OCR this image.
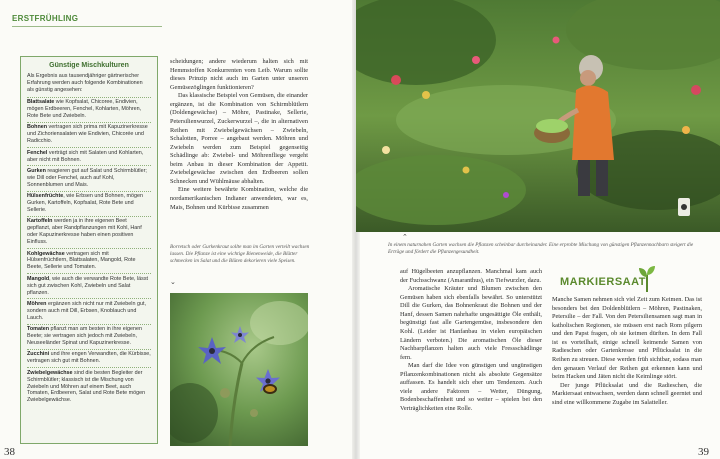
ERSTFRÜHLING
Günstige Mischkulturen

Als Ergebnis aus tausendjähriger gärtnerischer Erfahrung werden auch folgende Kombinationen als günstig angesehen:

Blattsalate wie Kopfsalat, Chicoree, Endivien, mögen Erdbeeren, Fenchel, Kohlarten, Möhren, Rote Bete und Zwiebeln.
Bohnen vertragen sich prima mit Kapuzinerkresse und Zichoriensalaten wie Endivien, Chicorée und Radicchio.
Fenchel verträgt sich mit Salaten und Kohlarten, aber nicht mit Bohnen.
Gurken reagieren gut auf Salat und Schirmblütler; wie Dill oder Fenchel, auch auf Kohl, Sonnenblumen und Mais.
Hülsenfrüchte, wie Erbsen und Bohnen, mögen Gurken, Kartoffeln, Kopfsalat, Rote Bete und Sellerie.
Kartoffeln werden ja in ihre eigenen Beet gepflanzt, aber Randpflanzungen mit Kohl, Hanf oder Kapuzinerkresse haben einen positiven Einfluss.
Kohlgewächse vertragen sich mit Hülsenfrüchtlern, Blattsalaten, Mangold, Rote Beete, Sellerie und Tomaten.
Mangold, wie auch die verwandte Rote Bete, lässt sich gut zwischen Kohl, Zwiebeln und Salat pflanzen.
Möhren ergänzen sich nicht nur mit Zwiebeln gut, sondern auch mit Dill, Erbsen, Knoblauch und Lauch.
Tomaten pflanzt man am besten in ihre eigenen Beete; sie vertragen sich jedoch mit Zwiebeln, Neuseeländer Spinat und Kapuzinerkresse.
Zucchini und ihre engen Verwandten, die Kürbisse, vertragen sich gut mit Bohnen.
Zwiebelgewächse sind die besten Begleiter der Schirmblütler; klassisch ist die Mischung von Zwiebeln und Möhren auf einem Beet, auch Tomaten, Erdbeeren, Salat und Rote Bete mögen Zwiebelgewächse.

scheidungen; andere wiederum halten sich mit Hemmstoffen Konkurrenten vom Leib. Warum sollte dieses Prinzip nicht auch im Garten unter unseren Gemüsezöglingen funktionieren?

Das klassische Beispiel von Gemüsen, die einander ergänzen, ist die Kombination von Schirmblütlern (Doldengewächse) – Möhre, Pastinake, Sellerie, Petersilienwurzel, Zuckerwurzel –, die in alternativen Reihen mit Zwiebelgewächsen – Zwiebeln, Schalotten, Porree – angebaut werden. Möhren und Zwiebeln werden zum Beispiel gegenseitig Schädlinge ab: Zwiebel- und Möhrenfliege vergeht beim Anbau in dieser Kombination der Appetit. Zwiebelgewächse zwischen den Erdbeeren sollen Schnecken und Wühlmäuse abhalten.

Eine weitere bewährte Kombination, welche die nordamerikanischen Indianer anwendeten, war es, Mais, Bohnen und Kürbisse zusammen

Borretsch oder Gurkenkraut sollte man im Garten verteilt wachsen lassen. Die Pflanze ist eine wichtige Bienenweide, die Blätter schmecken im Salat und die Blüten dekorieren viele Speisen.
⌃
⌃
In einem naturnahen Garten wachsen die Pflanzen scheinbar durcheinander. Eine erprobte Mischung von günstigen Pflanzennachbarn steigert die Erträge und fördert die Pflanzengesundheit.

auf Hügelbeeten anzupflanzen. Manchmal kam auch der Fuchsschwanz (Amaranthus), ein Tiefwurzler, dazu.

Aromatische Kräuter und Blumen zwischen den Gemüsen haben sich ebenfalls bewährt. So unterstützt Dill die Gurken, das Bohnenkraut die Bohnen und der Hanf, dessen Samen nahrhafte ungesättigte Öle enthält, begünstigt fast alle Gartengemüse, insbesondere den Kohl. (Leider ist Hanfanbau in vielen europäischen Ländern verboten.) Die aromatischen Öle dieser Nachbarpflanzen halten auch viele Fressschädlinge fern.

Man darf die Idee von günstigen und ungünstigen Pflanzenkombinationen nicht als absolute Gegensätze auffassen. Es handelt sich eher um Tendenzen. Auch viele andere Faktoren – Wetter, Düngung, Bodenbeschaffenheit und so weiter – spielen bei den Verträglichkeiten eine Rolle.

MARKIERSAAT

Manche Samen nehmen sich viel Zeit zum Keimen. Das ist besonders bei den Doldenblütlern – Möhren, Pastinaken, Petersilie – der Fall. Von den Petersiliensamen sagt man in katholischen Regionen, sie müssen erst nach Rom pilgern und den Papst fragen, ob sie keimen dürften. In dem Fall ist es vorteilhaft, einige schnell keimende Samen von Radieschen oder Gartenkresse und Pflücksalat in die Reihen zu streuen. Diese werden früh sichtbar, sodass man den genauen Verlauf der Reihen gut erkennen kann und beim Hacken und Jäten nicht die Keimlinge stört.

Der junge Pflücksalat und die Radieschen, die Markiersaat entwachsen, werden dann schnell geerntet und sind eine willkommene Zugabe im Salatteller.

38	39
